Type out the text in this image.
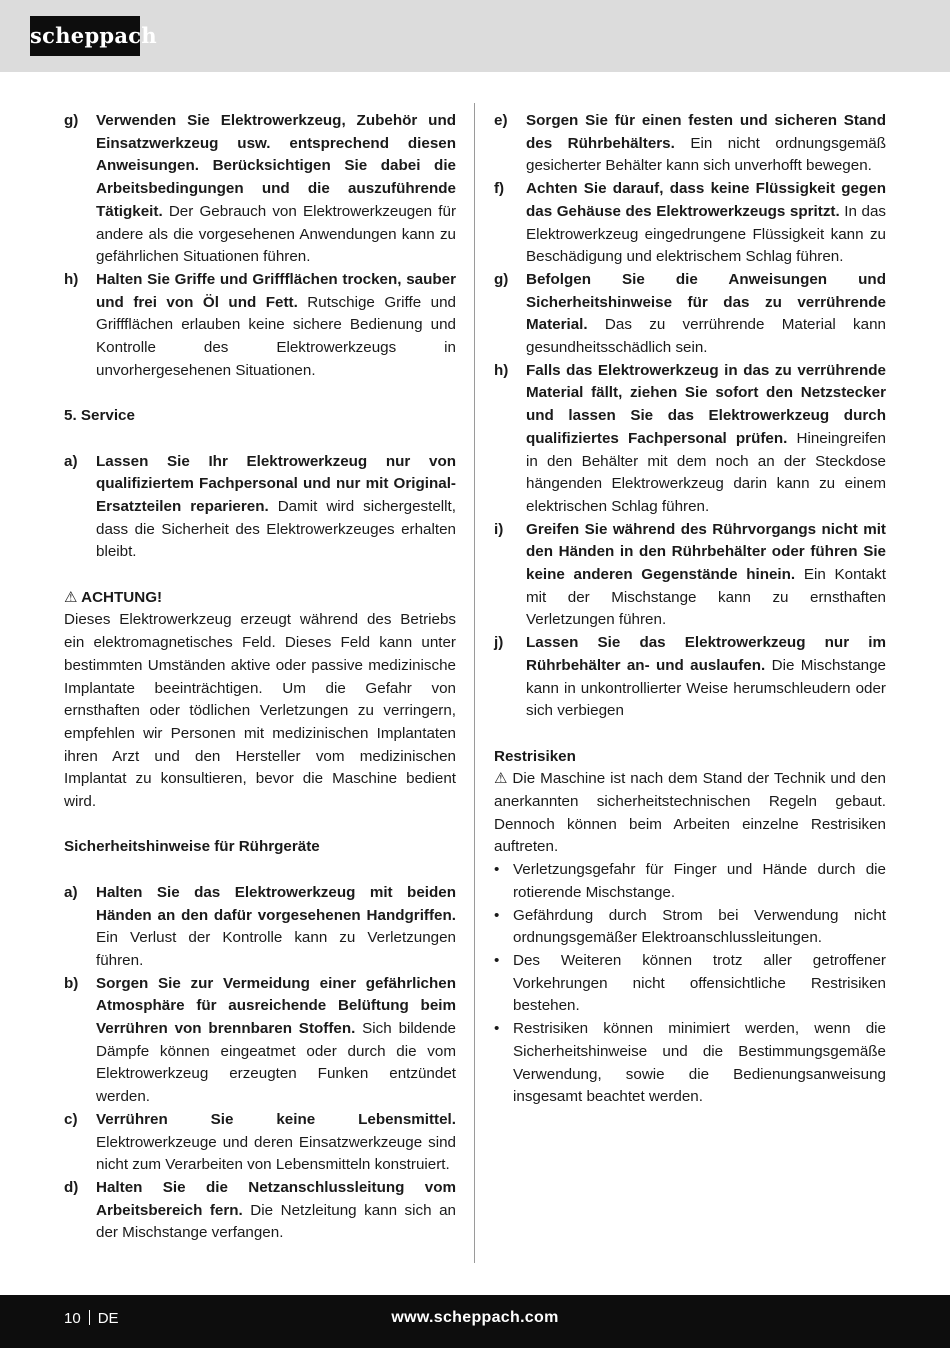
scheppach
g)	Verwenden Sie Elektrowerkzeug, Zubehör und Einsatzwerkzeug usw. entsprechend diesen Anweisungen. Berücksichtigen Sie dabei die Arbeitsbedingungen und die auszuführende Tätigkeit. Der Gebrauch von Elektrowerkzeugen für andere als die vorgesehenen Anwendungen kann zu gefährlichen Situationen führen.
h)	Halten Sie Griffe und Griffflächen trocken, sauber und frei von Öl und Fett. Rutschige Griffe und Griffflächen erlauben keine sichere Bedienung und Kontrolle des Elektrowerkzeugs in unvorhergesehenen Situationen.
5. Service
a)	Lassen Sie Ihr Elektrowerkzeug nur von qualifiziertem Fachpersonal und nur mit Original-Ersatzteilen reparieren. Damit wird sichergestellt, dass die Sicherheit des Elektrowerkzeuges erhalten bleibt.
⚠ ACHTUNG!
Dieses Elektrowerkzeug erzeugt während des Betriebs ein elektromagnetisches Feld. Dieses Feld kann unter bestimmten Umständen aktive oder passive medizinische Implantate beeinträchtigen. Um die Gefahr von ernsthaften oder tödlichen Verletzungen zu verringern, empfehlen wir Personen mit medizinischen Implantaten ihren Arzt und den Hersteller vom medizinischen Implantat zu konsultieren, bevor die Maschine bedient wird.
Sicherheitshinweise für Rührgeräte
a)	Halten Sie das Elektrowerkzeug mit beiden Händen an den dafür vorgesehenen Handgriffen. Ein Verlust der Kontrolle kann zu Verletzungen führen.
b)	Sorgen Sie zur Vermeidung einer gefährlichen Atmosphäre für ausreichende Belüftung beim Verrühren von brennbaren Stoffen. Sich bildende Dämpfe können eingeatmet oder durch die vom Elektrowerkzeug erzeugten Funken entzündet werden.
c)	Verrühren Sie keine Lebensmittel. Elektrowerkzeuge und deren Einsatzwerkzeuge sind nicht zum Verarbeiten von Lebensmitteln konstruiert.
d)	Halten Sie die Netzanschlussleitung vom Arbeitsbereich fern. Die Netzleitung kann sich an der Mischstange verfangen.
e)	Sorgen Sie für einen festen und sicheren Stand des Rührbehälters. Ein nicht ordnungsgemäß gesicherter Behälter kann sich unverhofft bewegen.
f)	Achten Sie darauf, dass keine Flüssigkeit gegen das Gehäuse des Elektrowerkzeugs spritzt. In das Elektrowerkzeug eingedrungene Flüssigkeit kann zu Beschädigung und elektrischem Schlag führen.
g)	Befolgen Sie die Anweisungen und Sicherheitshinweise für das zu verrührende Material. Das zu verrührende Material kann gesundheitsschädlich sein.
h)	Falls das Elektrowerkzeug in das zu verrührende Material fällt, ziehen Sie sofort den Netzstecker und lassen Sie das Elektrowerkzeug durch qualifiziertes Fachpersonal prüfen. Hineingreifen in den Behälter mit dem noch an der Steckdose hängenden Elektrowerkzeug darin kann zu einem elektrischen Schlag führen.
i)	Greifen Sie während des Rührvorgangs nicht mit den Händen in den Rührbehälter oder führen Sie keine anderen Gegenstände hinein. Ein Kontakt mit der Mischstange kann zu ernsthaften Verletzungen führen.
j)	Lassen Sie das Elektrowerkzeug nur im Rührbehälter an- und auslaufen. Die Mischstange kann in unkontrollierter Weise herumschleudern oder sich verbiegen
Restrisiken
⚠ Die Maschine ist nach dem Stand der Technik und den anerkannten sicherheitstechnischen Regeln gebaut. Dennoch können beim Arbeiten einzelne Restrisiken auftreten.
• Verletzungsgefahr für Finger und Hände durch die rotierende Mischstange.
• Gefährdung durch Strom bei Verwendung nicht ordnungsgemäßer Elektroanschlussleitungen.
• Des Weiteren können trotz aller getroffener Vorkehrungen nicht offensichtliche Restrisiken bestehen.
• Restrisiken können minimiert werden, wenn die Sicherheitshinweise und die Bestimmungsgemäße Verwendung, sowie die Bedienungsanweisung insgesamt beachtet werden.
10 DE	www.scheppach.com
